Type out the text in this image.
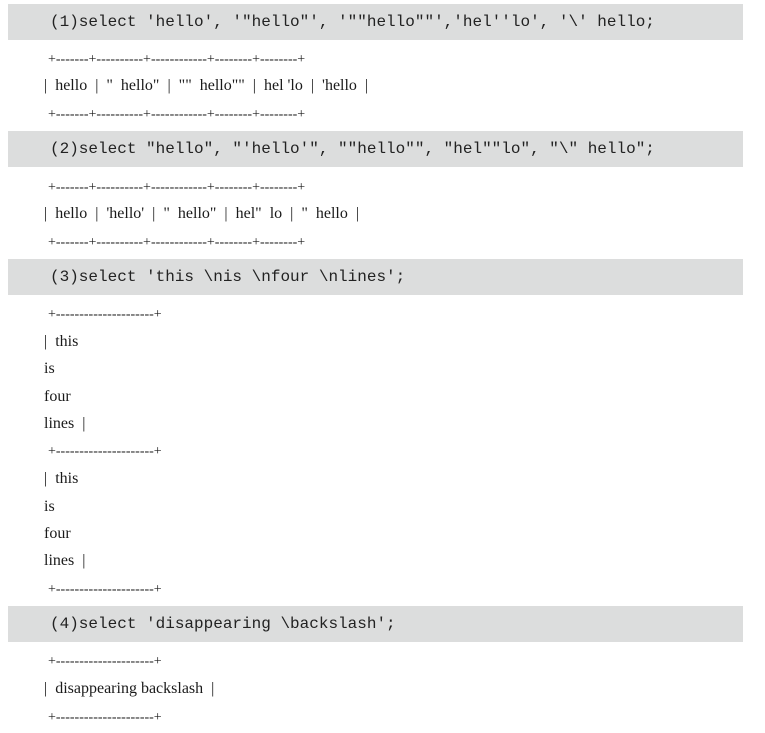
(1)select 'hello', '"hello"', '""hello""','hel''lo', '\' hello;
+-------+----------+------------+--------+--------+
|  hello  |  "  hello"  |  ""  hello""  |  hel 'lo  |  'hello  |
+-------+----------+------------+--------+--------+
(2)select "hello", "'hello'", ""hello"", "hel""lo", "\" hello";
+-------+----------+------------+--------+--------+
|  hello  |  'hello'  |  "  hello"  |  hel"  lo  |  "  hello  |
+-------+----------+------------+--------+--------+
(3)select 'this \nis \nfour \nlines';
+---------------------+
|  this
is
four
lines  |
+---------------------+
|  this
is
four
lines  |
+---------------------+
(4)select 'disappearing \backslash';
+---------------------+
|  disappearing backslash  |
+---------------------+
